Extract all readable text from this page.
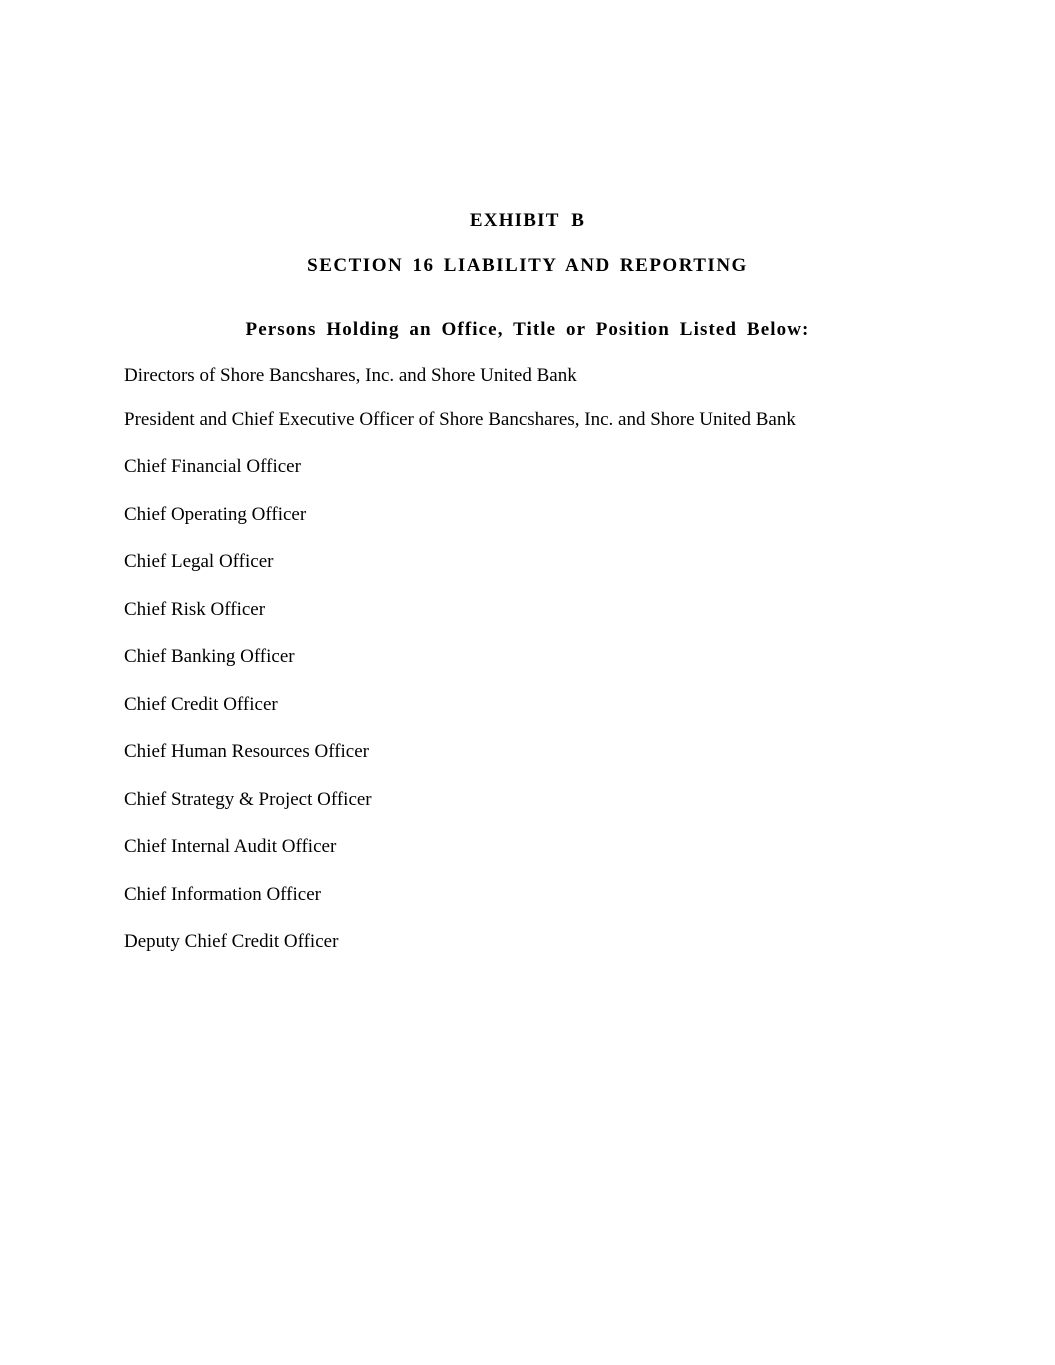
EXHIBIT B
SECTION 16 LIABILITY AND REPORTING
Persons Holding an Office, Title or Position Listed Below:
Directors of Shore Bancshares, Inc. and Shore United Bank
President and Chief Executive Officer of Shore Bancshares, Inc. and Shore United Bank
Chief Financial Officer
Chief Operating Officer
Chief Legal Officer
Chief Risk Officer
Chief Banking Officer
Chief Credit Officer
Chief Human Resources Officer
Chief Strategy & Project Officer
Chief Internal Audit Officer
Chief Information Officer
Deputy Chief Credit Officer
